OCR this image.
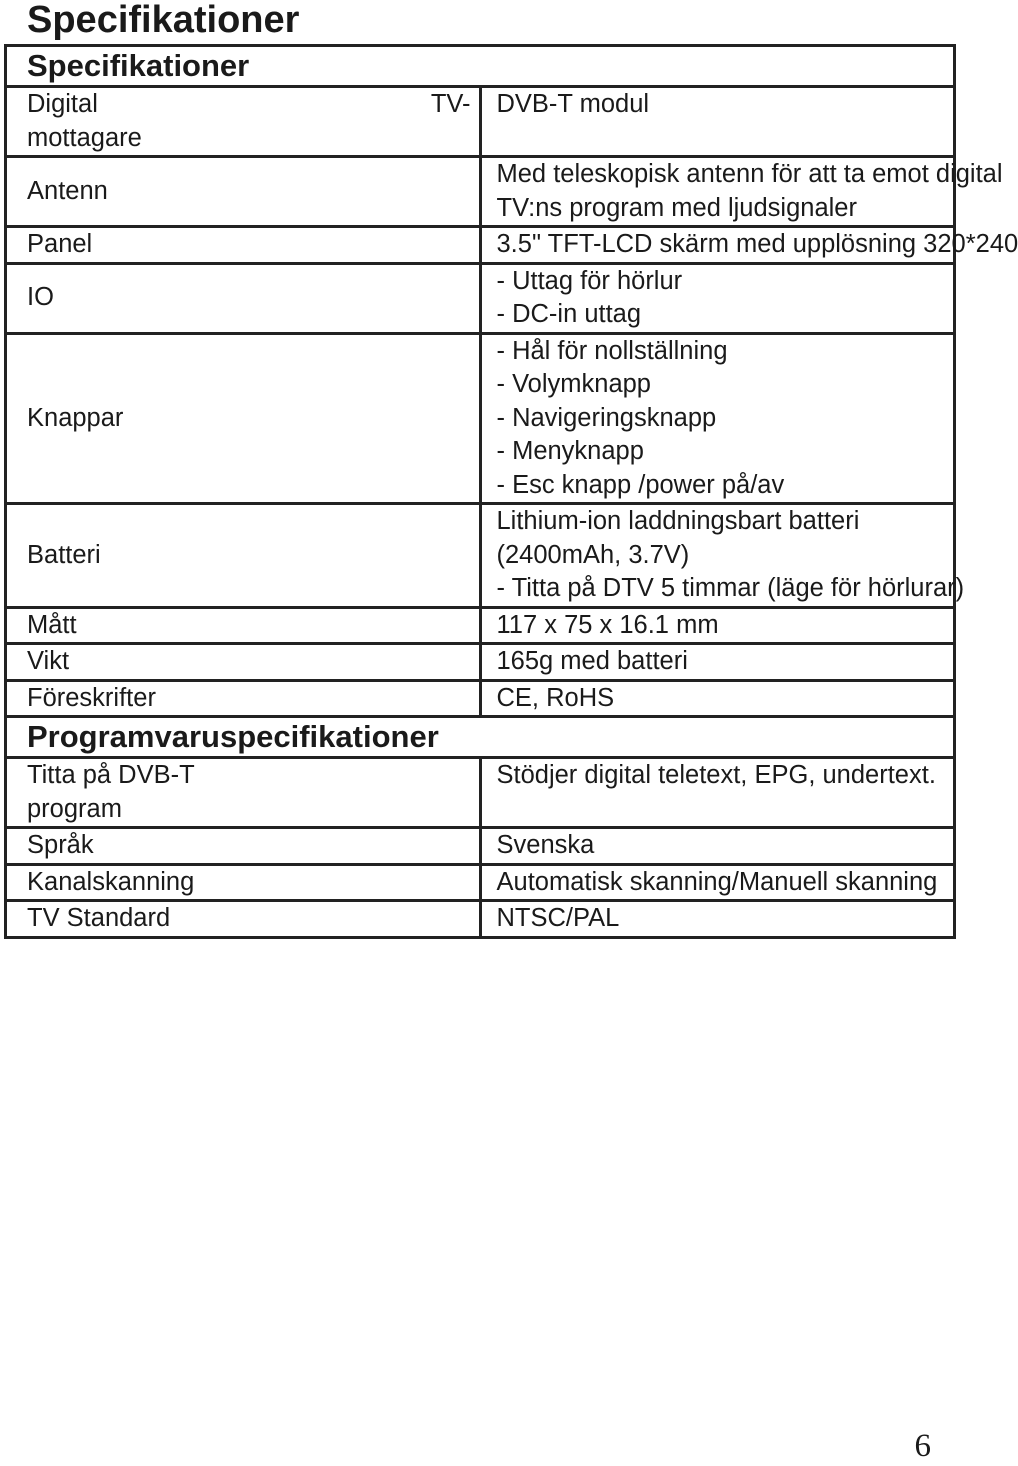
Specifikationer
Specifikationer	

Digital TV-
mottagare	DVB-T modul

Antenn	Med teleskopisk antenn för att ta emot digital
TV:ns program med ljudsignaler

Panel	3.5" TFT-LCD skärm med upplösning 320*240

IO	- Uttag för hörlur
- DC-in uttag

Knappar	- Hål för nollställning
- Volymknapp
- Navigeringsknapp
- Menyknapp
- Esc knapp /power på/av

Batteri	Lithium-ion laddningsbart batteri
(2400mAh, 3.7V)
- Titta på DTV 5 timmar (läge för hörlurar)

Mått	117 x 75 x 16.1 mm

Vikt	165g med batteri

Föreskrifter	CE, RoHS

Programvaruspecifikationer	

Titta på DVB-T
program	Stödjer digital teletext, EPG, undertext.

Språk	Svenska

Kanalskanning	Automatisk skanning/Manuell skanning

TV Standard	NTSC/PAL
6
